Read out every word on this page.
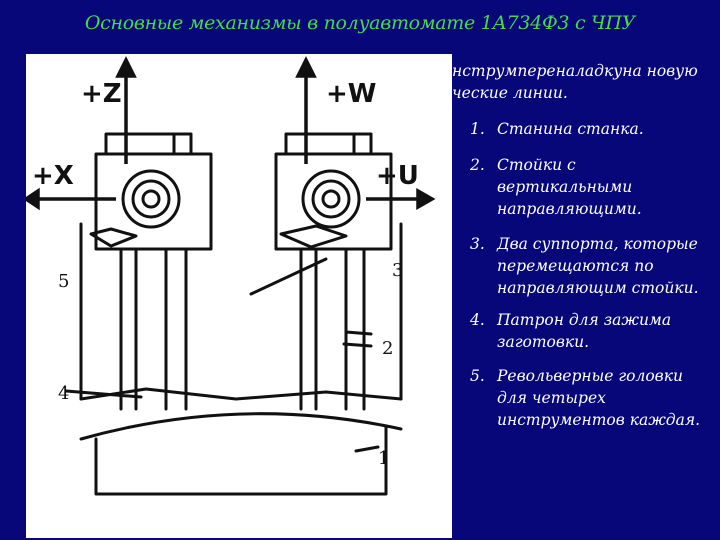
Основные механизмы в полуавтомате 1А734Ф3 с ЧПУ
+Z	+W
+X	+U
5
3
2
4
1
нструмпереналадкуна новую
ческие линии.
1. Станина станка.
2. Стойки с вертикальными направляющими.
3. Два суппорта, которые перемещаются по направляющим стойки.
4. Патрон для зажима заготовки.
5. Револьверные головки для четырех инструментов каждая.
